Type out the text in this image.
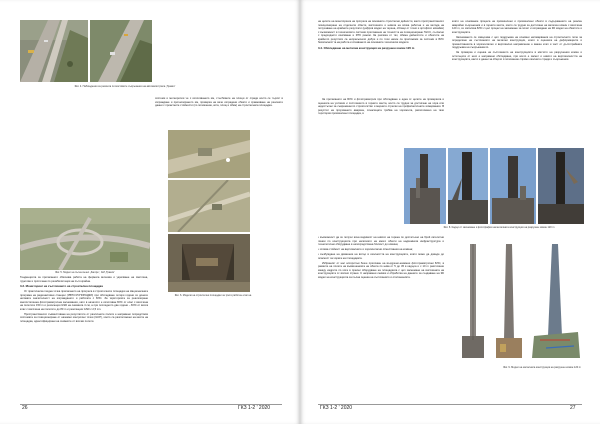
Фиг. 4. Наблюдения за ремонта по мостовите съоръжения на автомагистрала „Тракия“
Фиг. 5. Модел на пътен възел „Загоре“, АМ „Тракия“

Тенденцията за прилагането обяснява работа на ферматa включва и укрепване на светлина, грунтове и протичане по рехабилитация на пътя крайна.

3.3. Мониторинг на състоянието на строителна площадка

От практическа гледна точка прилагането на прогреса в строителните площадки на Националната програма на радиоактивни станции (УВПС/УСПОРАДКИ) при обследване четири години се донесе неговата значителност на изграждането и работата с БЛС. За територията за реализиране многостепенна фотограметрична заснемания, като в началото е използван БЛС от клас с височина на полетите 150 m и резолюция GSD на снимката 4 см, а при последното две години – БЛС от висок клас с височина на полетите до 80 m и резолюция GSD с 2,5 cm.

Пространственото съвместяване на резултатите от различните полети е направено посредством системата за позициониране от наземни контролни точки (GCP), които са разположени на места на площадка, идентифицирани на снимките от всички полети.

системи и метеоролоя че с използването им, стълбовете на площи от сгради които се търсят в изграждане и прогнозирането им, проверка на вече изградени обекти и сравняване на реалните данни с проектните стойности (по положение, кота, площ и обем) на строителната площадка.

Фиг. 6. Модели на строителни площадки за трети работен етап на
26	ГКЗ 1-2 ' 2020

на целите на мониторинга на прогреса на основните строителни дейности, както пространственото позициониране на отделните обекти, височините и нивата на всяка работна и на метода на получаване на крайните резултати (цифров модел на терена, облаци от точки и ортофото мозайки) с възможност в техническите системи приложение на точността на позициониране ГНСС, съгласно с предходното изискване и RTK режим. За разлика от тях, обема дейностите и обектите на крайното резултати са непрекъснато добри и по този начин са приложими за системи в БЛС безопасността на работа и спазването на основните технически модели.

3.4. Обследване на метална конструкция на разрушен комин 120 m

За прилагането на БЛС и фотограметрия при обследване е една от целите на проверката и оценката на условия и состоянието в горните места, които са трудни за достигане на хора или недостъпни за съвременното строителство и мерните стрелки на профилактичните измервания. В резултат на проучването авариен, отнасящата трябва на хоризонта, разположено на тази територия промишлени площадка, в

която на основание процеса на промишлени и промишлени обекти в съдържанието на реален аварийни съоръжения и в горните места, които са трудни за достигане на метален комин с височина 120 m, се използва БЛС с цел процес на заснемане за полет и изграждане на 3D модел на обектите и конструкцията.

Заснемането се извършва с цел поддръжка на основни натоварвания на строителното поле за определяне на състоянието на метални конструкции, което в оценката на деформациите и преместванията в хоризонтално и вертикално направление е важен етап и част от дълготрайната поддръжка на съоръжението.

За проверка и оценка на състоянието на конструкцията в мястото на разрушения комин и остатъците от него е направено обследване, при което е заснет и нивото на вертикалността на конструкцията, както и данни за общото ѝ положение спрямо околните сгради и съоръжения.

Фиг. 8. Кадър от заснемане и фотографии на металната конструкция на разрушен комин 120 m

• възможност да се получи ясна видимост на нивото на терена по достатъчно на брой сателитни линии по конструкцията при наличието на много обекти на надземната инфраструктура и технологично оборудване в непосредствена близост до комина;

• голяма стойност на вертикалните и хоризонтални отмествания на комина;

• възбуждане на движение на вятър в околността на конструкцията, която може да доведе до опасност за хората на площадката.

Избраният от нас алгоритъм беше приложен на въздушно-наземни фотограметрични БЛС, в рамките на полета на възвишенията на обекта по нива от 5 до 45 в кадъра и с 10 m разстояние между кадрите по кота в пресни оборудване на площадката с цел заснемане на височината на конструкцията от всички страни. С направени снимки и обработка на данните за създаване на 3D модел на конструкцията за пълна оценка на състоянието и отклоненията.

Фиг. 9. Модел на металната конструкция на разрушен комин 120 m
ГКЗ 1-2 ' 2020	27
